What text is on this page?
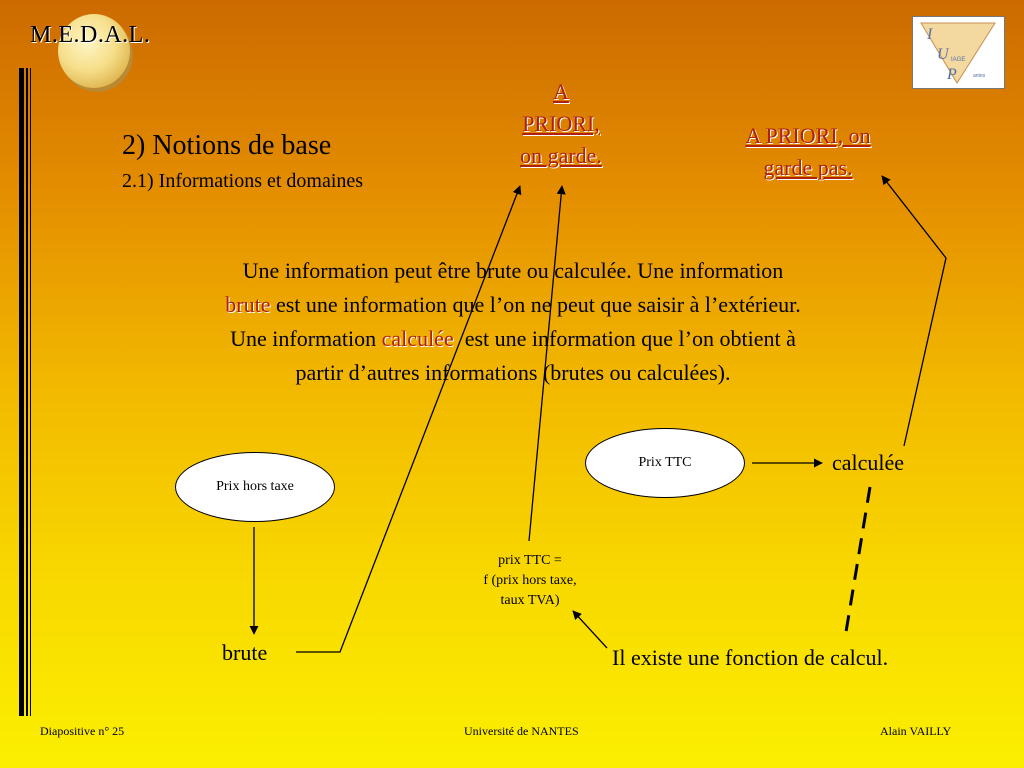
M.E.D.A.L.	I
U
P
IAGE
antes
2) Notions de base
2.1) Informations et domaines
A
PRIORI,
on garde.
A PRIORI, on
garde pas.
Une information peut être brute ou calculée. Une information
brute est une information que l’on ne peut que saisir à l’extérieur.
Une information calculée  est une information que l’on obtient à
partir d’autres informations (brutes ou calculées).
Prix hors taxe
Prix TTC
brute
calculée
prix TTC =
f (prix hors taxe,
taux TVA)
Il existe une fonction de calcul.
Diapositive n° 25	Université de NANTES	Alain VAILLY
